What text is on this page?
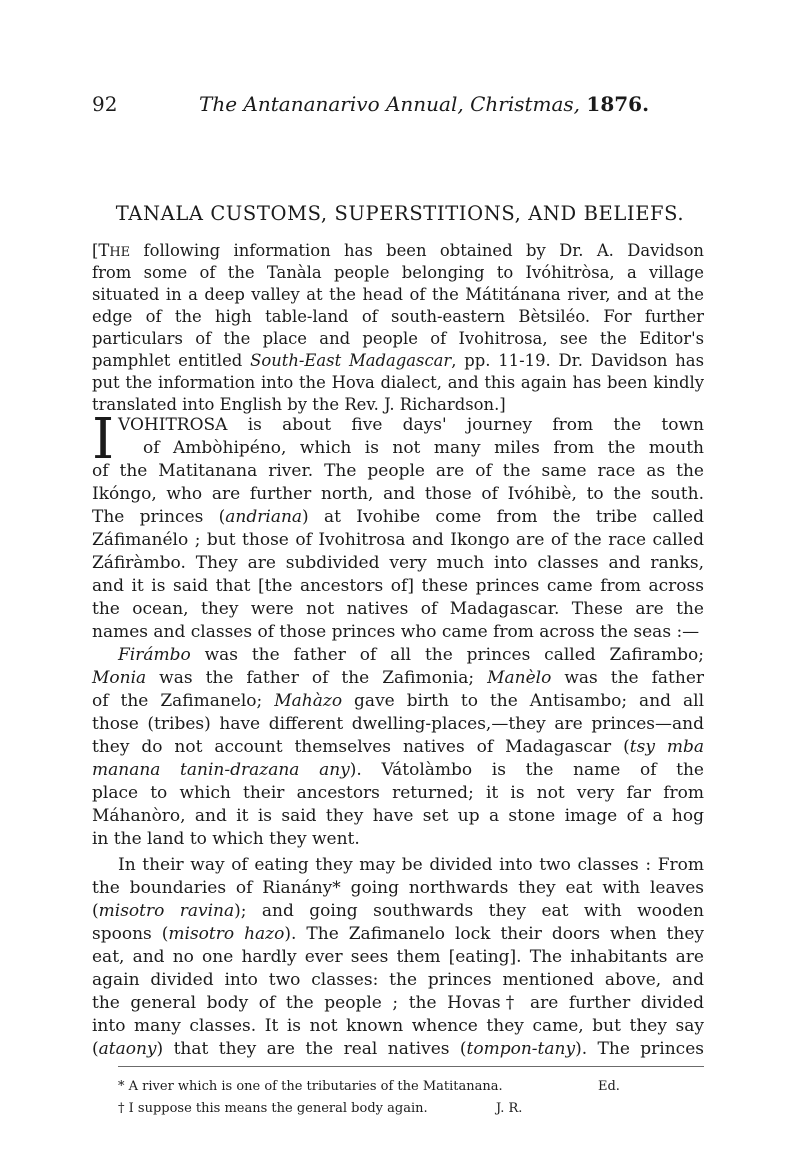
92	The Antananarivo Annual, Christmas, 1876.
TANALA CUSTOMS, SUPERSTITIONS, AND BELIEFS.
[THE following information has been obtained by Dr. A. Davidson
from some of the Tanàla people belonging to Ivóhitròsa, a village
situated in a deep valley at the head of the Mátitánana river, and at the
edge of the high table-land of south-eastern Bètsiléo. For further
particulars of the place and people of Ivohitrosa, see the Editor's
pamphlet entitled South-East Madagascar, pp. 11-19. Dr. Davidson has
put the information into the Hova dialect, and this again has been kindly
translated into English by the Rev. J. Richardson.]
I VOHITROSA is about five days' journey from the town
of Ambòhipéno, which is not many miles from the mouth
of the Matitanana river. The people are of the same race as the
Ikóngo, who are further north, and those of Ivóhibè, to the south.
The princes (andriana) at Ivohibe come from the tribe called
Záfimanélo ; but those of Ivohitrosa and Ikongo are of the race called
Záfiràmbo. They are subdivided very much into classes and ranks,
and it is said that [the ancestors of] these princes came from across
the ocean, they were not natives of Madagascar. These are the
names and classes of those princes who came from across the seas :—
Firámbo was the father of all the princes called Zafirambo;
Monia was the father of the Zafimonia; Manèlo was the father
of the Zafimanelo; Mahàzo gave birth to the Antisambo; and all
those (tribes) have different dwelling-places,—they are princes—and
they do not account themselves natives of Madagascar (tsy mba
manana tanin-drazana any). Vátolàmbo is the name of the
place to which their ancestors returned; it is not very far from
Máhanòro, and it is said they have set up a stone image of a hog
in the land to which they went.
In their way of eating they may be divided into two classes : From
the boundaries of Rianány* going northwards they eat with leaves
(misotro ravina); and going southwards they eat with wooden
spoons (misotro hazo). The Zafimanelo lock their doors when they
eat, and no one hardly ever sees them [eating]. The inhabitants are
again divided into two classes: the princes mentioned above, and
the general body of the people ; the Hovas† are further divided
into many classes. It is not known whence they came, but they say
(atаony) that they are the real natives (tompon-tany). The princes
* A river which is one of the tributaries of the Matitanana.	Ed.
† I suppose this means the general body again.	J. R.
